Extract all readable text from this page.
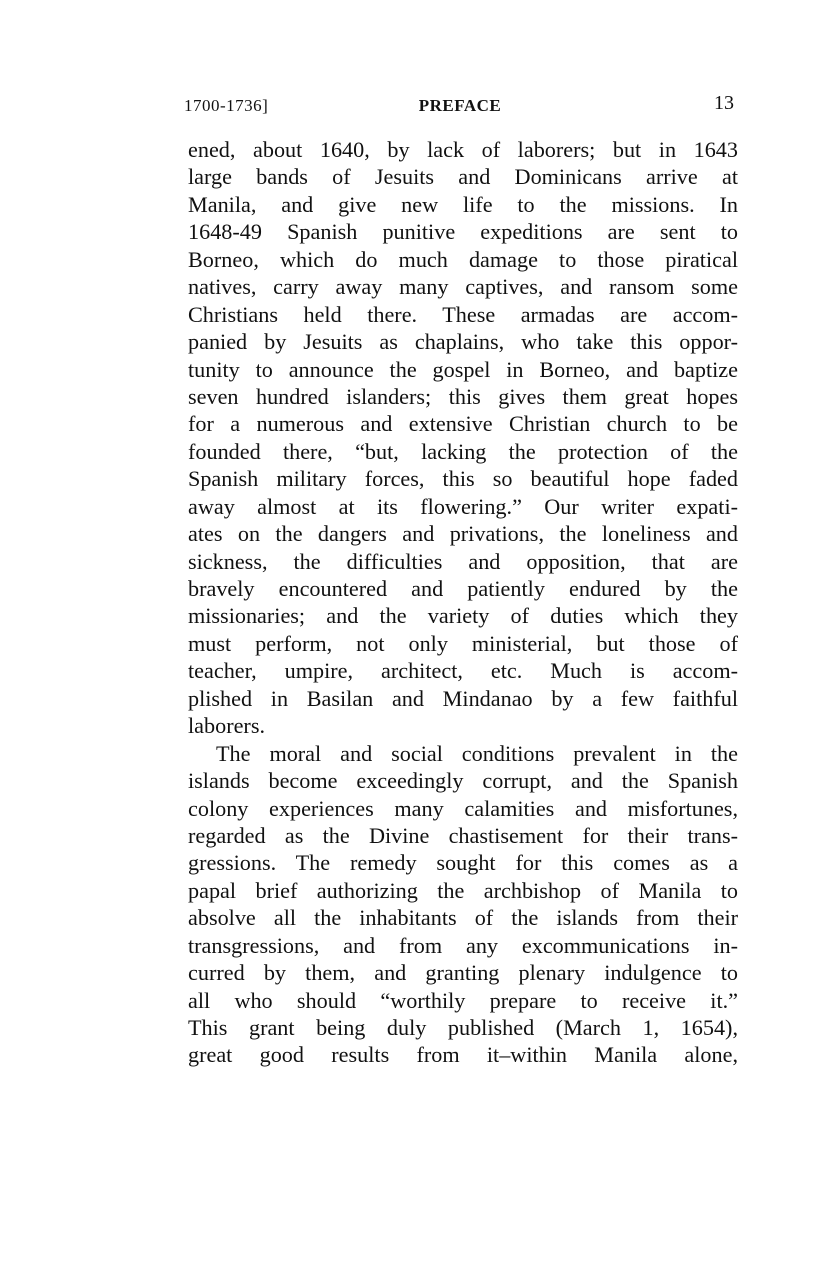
1700-1736]	PREFACE	13
ened, about 1640, by lack of laborers; but in 1643
large bands of Jesuits and Dominicans arrive at
Manila, and give new life to the missions. In
1648-49 Spanish punitive expeditions are sent to
Borneo, which do much damage to those piratical
natives, carry away many captives, and ransom some
Christians held there. These armadas are accom-
panied by Jesuits as chaplains, who take this oppor-
tunity to announce the gospel in Borneo, and baptize
seven hundred islanders; this gives them great hopes
for a numerous and extensive Christian church to be
founded there, “but, lacking the protection of the
Spanish military forces, this so beautiful hope faded
away almost at its flowering.” Our writer expati-
ates on the dangers and privations, the loneliness and
sickness, the difficulties and opposition, that are
bravely encountered and patiently endured by the
missionaries; and the variety of duties which they
must perform, not only ministerial, but those of
teacher, umpire, architect, etc. Much is accom-
plished in Basilan and Mindanao by a few faithful
laborers.
The moral and social conditions prevalent in the
islands become exceedingly corrupt, and the Spanish
colony experiences many calamities and misfortunes,
regarded as the Divine chastisement for their trans-
gressions. The remedy sought for this comes as a
papal brief authorizing the archbishop of Manila to
absolve all the inhabitants of the islands from their
transgressions, and from any excommunications in-
curred by them, and granting plenary indulgence to
all who should “worthily prepare to receive it.”
This grant being duly published (March 1, 1654),
great good results from it–within Manila alone,
